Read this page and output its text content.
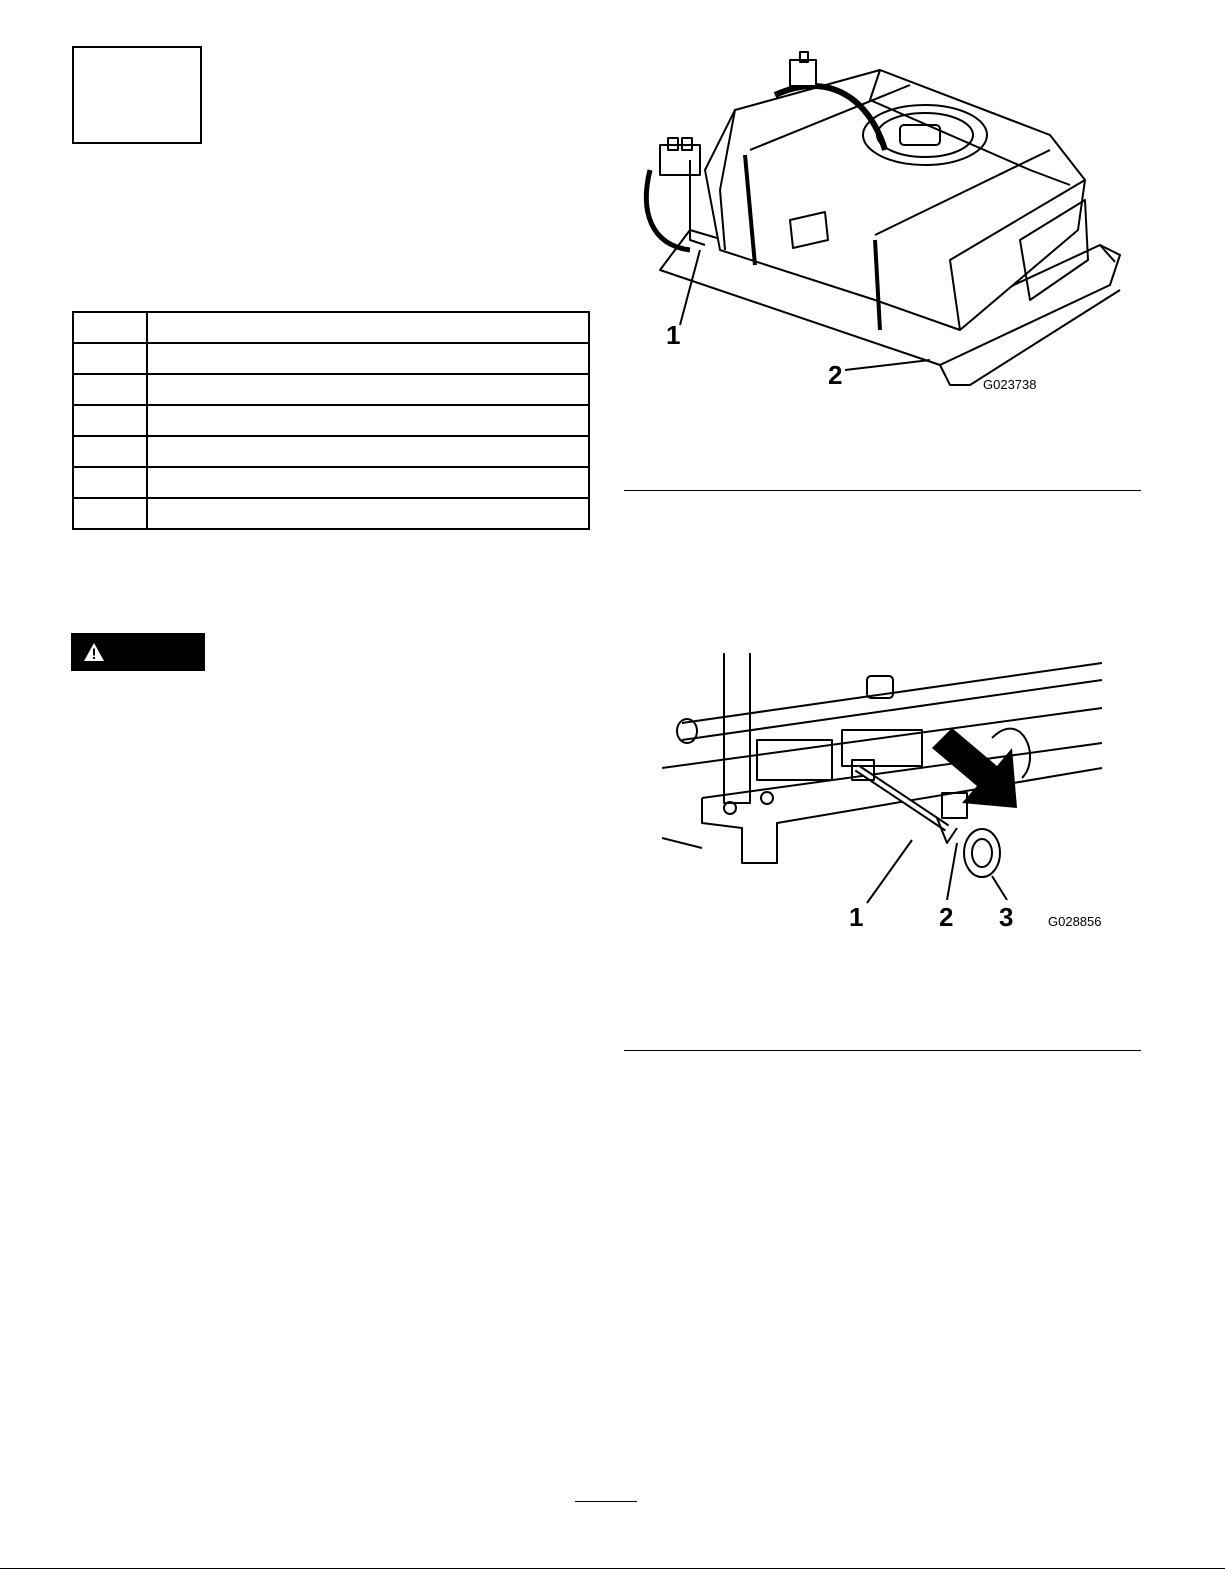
1
2	G023738
1	2 3	G028856
